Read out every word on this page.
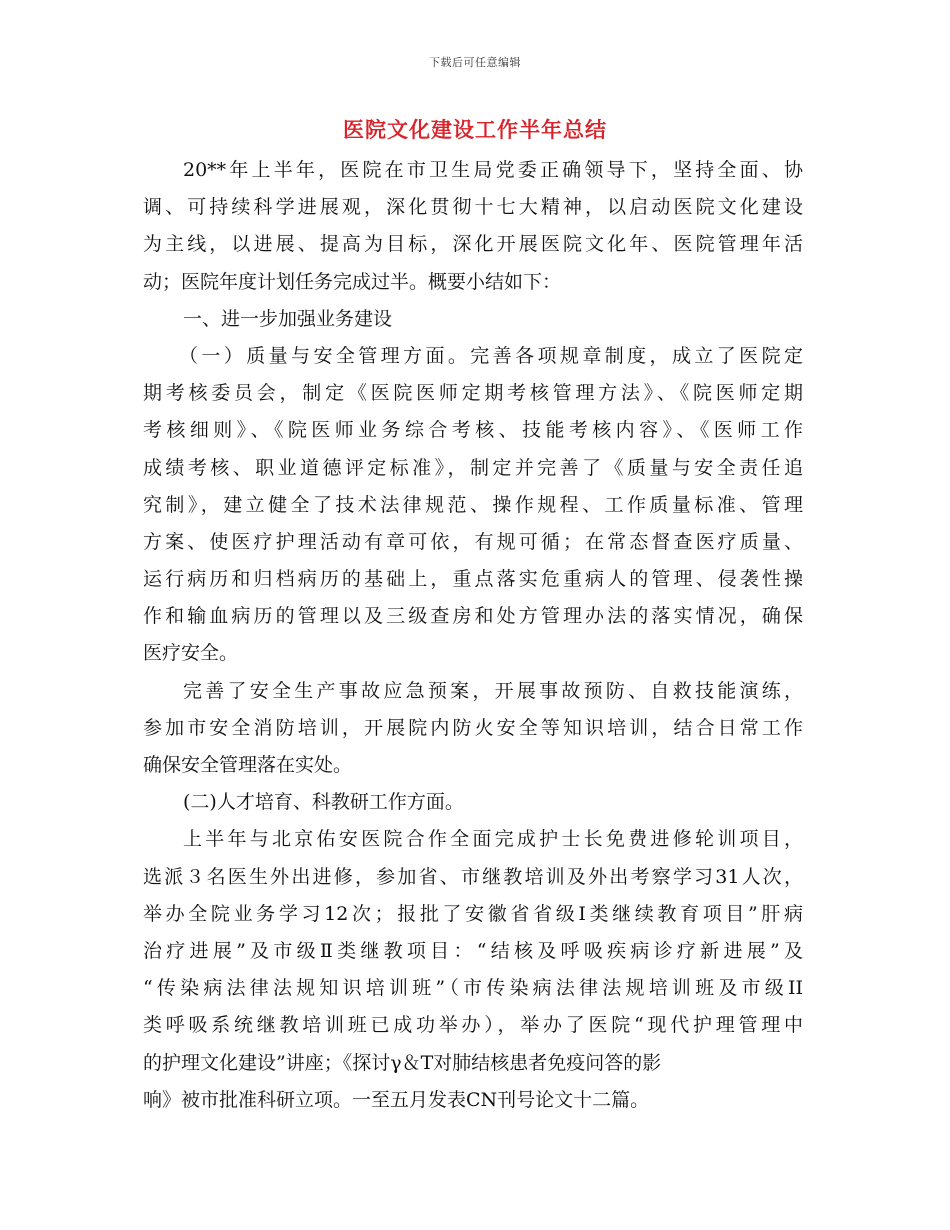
下载后可任意编辑
医院文化建设工作半年总结
20**年上半年，医院在市卫生局党委正确领导下，坚持全面、协
调、可持续科学进展观，深化贯彻十七大精神，以启动医院文化建设
为主线，以进展、提高为目标，深化开展医院文化年、医院管理年活
动；医院年度计划任务完成过半。概要小结如下：
一、进一步加强业务建设
（一）质量与安全管理方面。完善各项规章制度，成立了医院定
期考核委员会，制定《医院医师定期考核管理方法》、《院医师定期
考核细则》、《院医师业务综合考核、技能考核内容》、《医师工作
成绩考核、职业道德评定标准》，制定并完善了《质量与安全责任追
究制》，建立健全了技术法律规范、操作规程、工作质量标准、管理
方案、使医疗护理活动有章可依，有规可循；在常态督查医疗质量、
运行病历和归档病历的基础上，重点落实危重病人的管理、侵袭性操
作和输血病历的管理以及三级查房和处方管理办法的落实情况，确保
医疗安全。
完善了安全生产事故应急预案，开展事故预防、自救技能演练，
参加市安全消防培训，开展院内防火安全等知识培训，结合日常工作
确保安全管理落在实处。
(二)人才培育、科教研工作方面。
上半年与北京佑安医院合作全面完成护士长免费进修轮训项目，
选派３名医生外出进修，参加省、市继教培训及外出考察学习31人次，
举办全院业务学习12次；报批了安徽省省级Ⅰ类继续教育项目”肝病
治疗进展”及市级Ⅱ类继教项目：“结核及呼吸疾病诊疗新进展”及
“传染病法律法规知识培训班”（市传染病法律法规培训班及市级II
类呼吸系统继教培训班已成功举办），举办了医院“现代护理管理中
的护理文化建设”讲座；《探讨γ＆T对肺结核患者免疫问答的影
响》被市批准科研立项。一至五月发表CN刊号论文十二篇。
